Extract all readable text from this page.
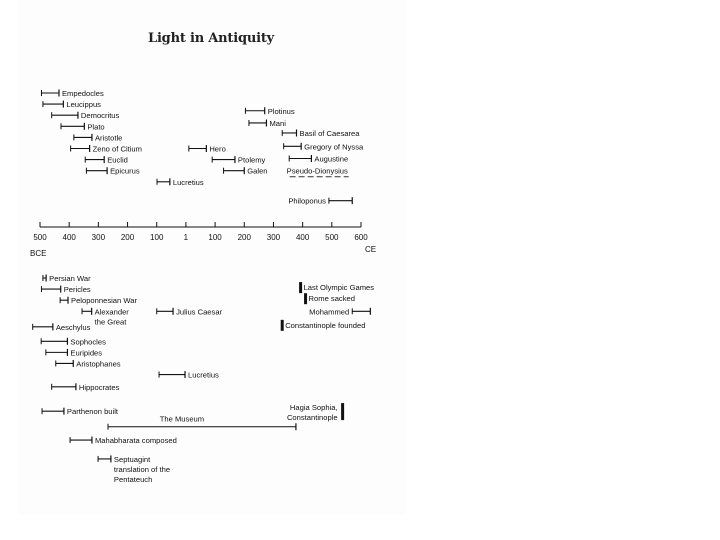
Light in Antiquity
Empedocles
Leucippus
Democritus
Plato
Aristotle
Zeno of Citium
Euclid
Epicurus
Lucretius
Hero
Ptolemy
Galen
Plotinus
Mani
Basil of Caesarea
Gregory of Nyssa
Augustine
Pseudo-Dionysius
Philoponus
500 400 300 200 100	1	100 200 300 400 500 600
BCE	CE
Persian War
Pericles
Peloponnesian War
Alexander the Great
Julius Caesar
Aeschylus
Sophocles
Euripides
Aristophanes
Lucretius
Hippocrates
Parthenon built
The Museum
Mahabharata composed
Septuagint translation of the Pentateuch
Last Olympic Games
Rome sacked
Mohammed
Constantinople founded
Hagia Sophia, Constantinople
